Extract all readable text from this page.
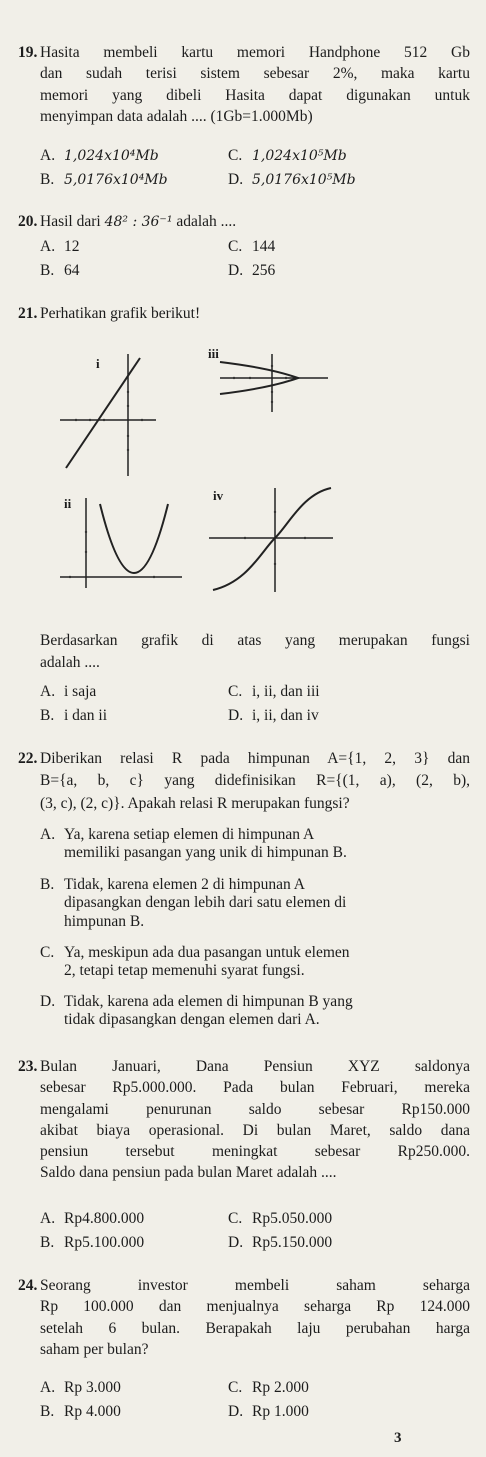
19. Hasita membeli kartu memori Handphone 512 Gb
dan sudah terisi sistem sebesar 2%, maka kartu
memori yang dibeli Hasita dapat digunakan untuk
menyimpan data adalah .... (1Gb=1.000Mb)
A. 1,024x10⁴Mb	C. 1,024x10⁵Mb
B. 5,0176x10⁴Mb	D. 5,0176x10⁵Mb
20. Hasil dari 48² : 36⁻¹ adalah ....
A. 12	C. 144
B. 64	D. 256
21. Perhatikan grafik berikut!
i
iii
ii
iv
Berdasarkan grafik di atas yang merupakan fungsi
adalah ....
A. i saja	C. i, ii, dan iii
B. i dan ii	D. i, ii, dan iv
22. Diberikan relasi R pada himpunan A={1, 2, 3} dan
B={a, b, c} yang didefinisikan R={(1, a), (2, b),
(3, c), (2, c)}. Apakah relasi R merupakan fungsi?
A. Ya, karena setiap elemen di himpunan A
memiliki pasangan yang unik di himpunan B.
B. Tidak, karena elemen 2 di himpunan A
dipasangkan dengan lebih dari satu elemen di
himpunan B.
C. Ya, meskipun ada dua pasangan untuk elemen
2, tetapi tetap memenuhi syarat fungsi.
D. Tidak, karena ada elemen di himpunan B yang
tidak dipasangkan dengan elemen dari A.
23. Bulan Januari, Dana Pensiun XYZ saldonya
sebesar Rp5.000.000. Pada bulan Februari, mereka
mengalami penurunan saldo sebesar Rp150.000
akibat biaya operasional. Di bulan Maret, saldo dana
pensiun tersebut meningkat sebesar Rp250.000.
Saldo dana pensiun pada bulan Maret adalah ....
A. Rp4.800.000	C. Rp5.050.000
B. Rp5.100.000	D. Rp5.150.000
24. Seorang investor membeli saham seharga
Rp 100.000 dan menjualnya seharga Rp 124.000
setelah 6 bulan. Berapakah laju perubahan harga
saham per bulan?
A. Rp 3.000	C. Rp 2.000
B. Rp 4.000	D. Rp 1.000
3
